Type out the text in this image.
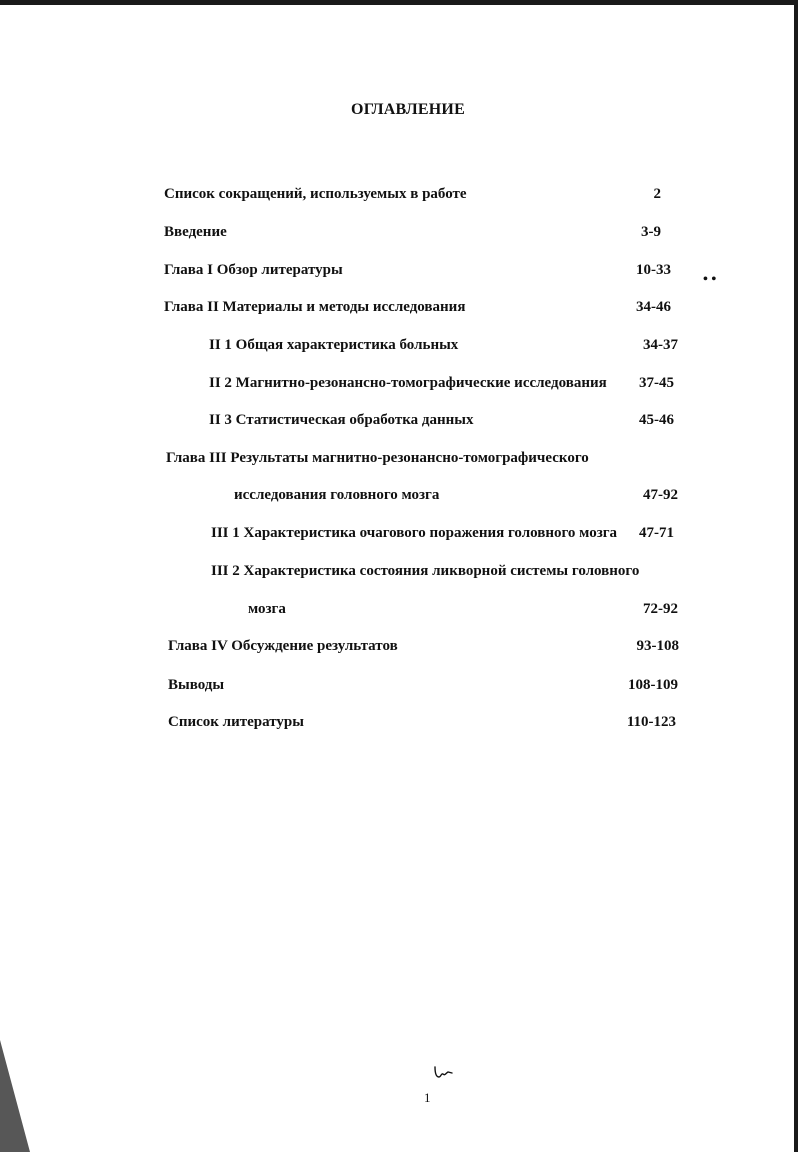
ОГЛАВЛЕНИЕ
Список сокращений, используемых в работе	2
Введение	3-9
Глава I Обзор литературы	10-33
Глава II Материалы и методы исследования	34-46
II 1 Общая характеристика больных	34-37
II 2 Магнитно-резонансно-томографические исследования 37-45
II 3 Статистическая обработка данных	45-46
Глава III Результаты магнитно-резонансно-томографического
исследования головного мозга	47-92
III 1 Характеристика очагового поражения головного мозга 47-71
III 2 Характеристика состояния ликворной системы головного
мозга	72-92
Глава IV Обсуждение результатов	93-108
Выводы	108-109
Список литературы	110-123
• •
1
